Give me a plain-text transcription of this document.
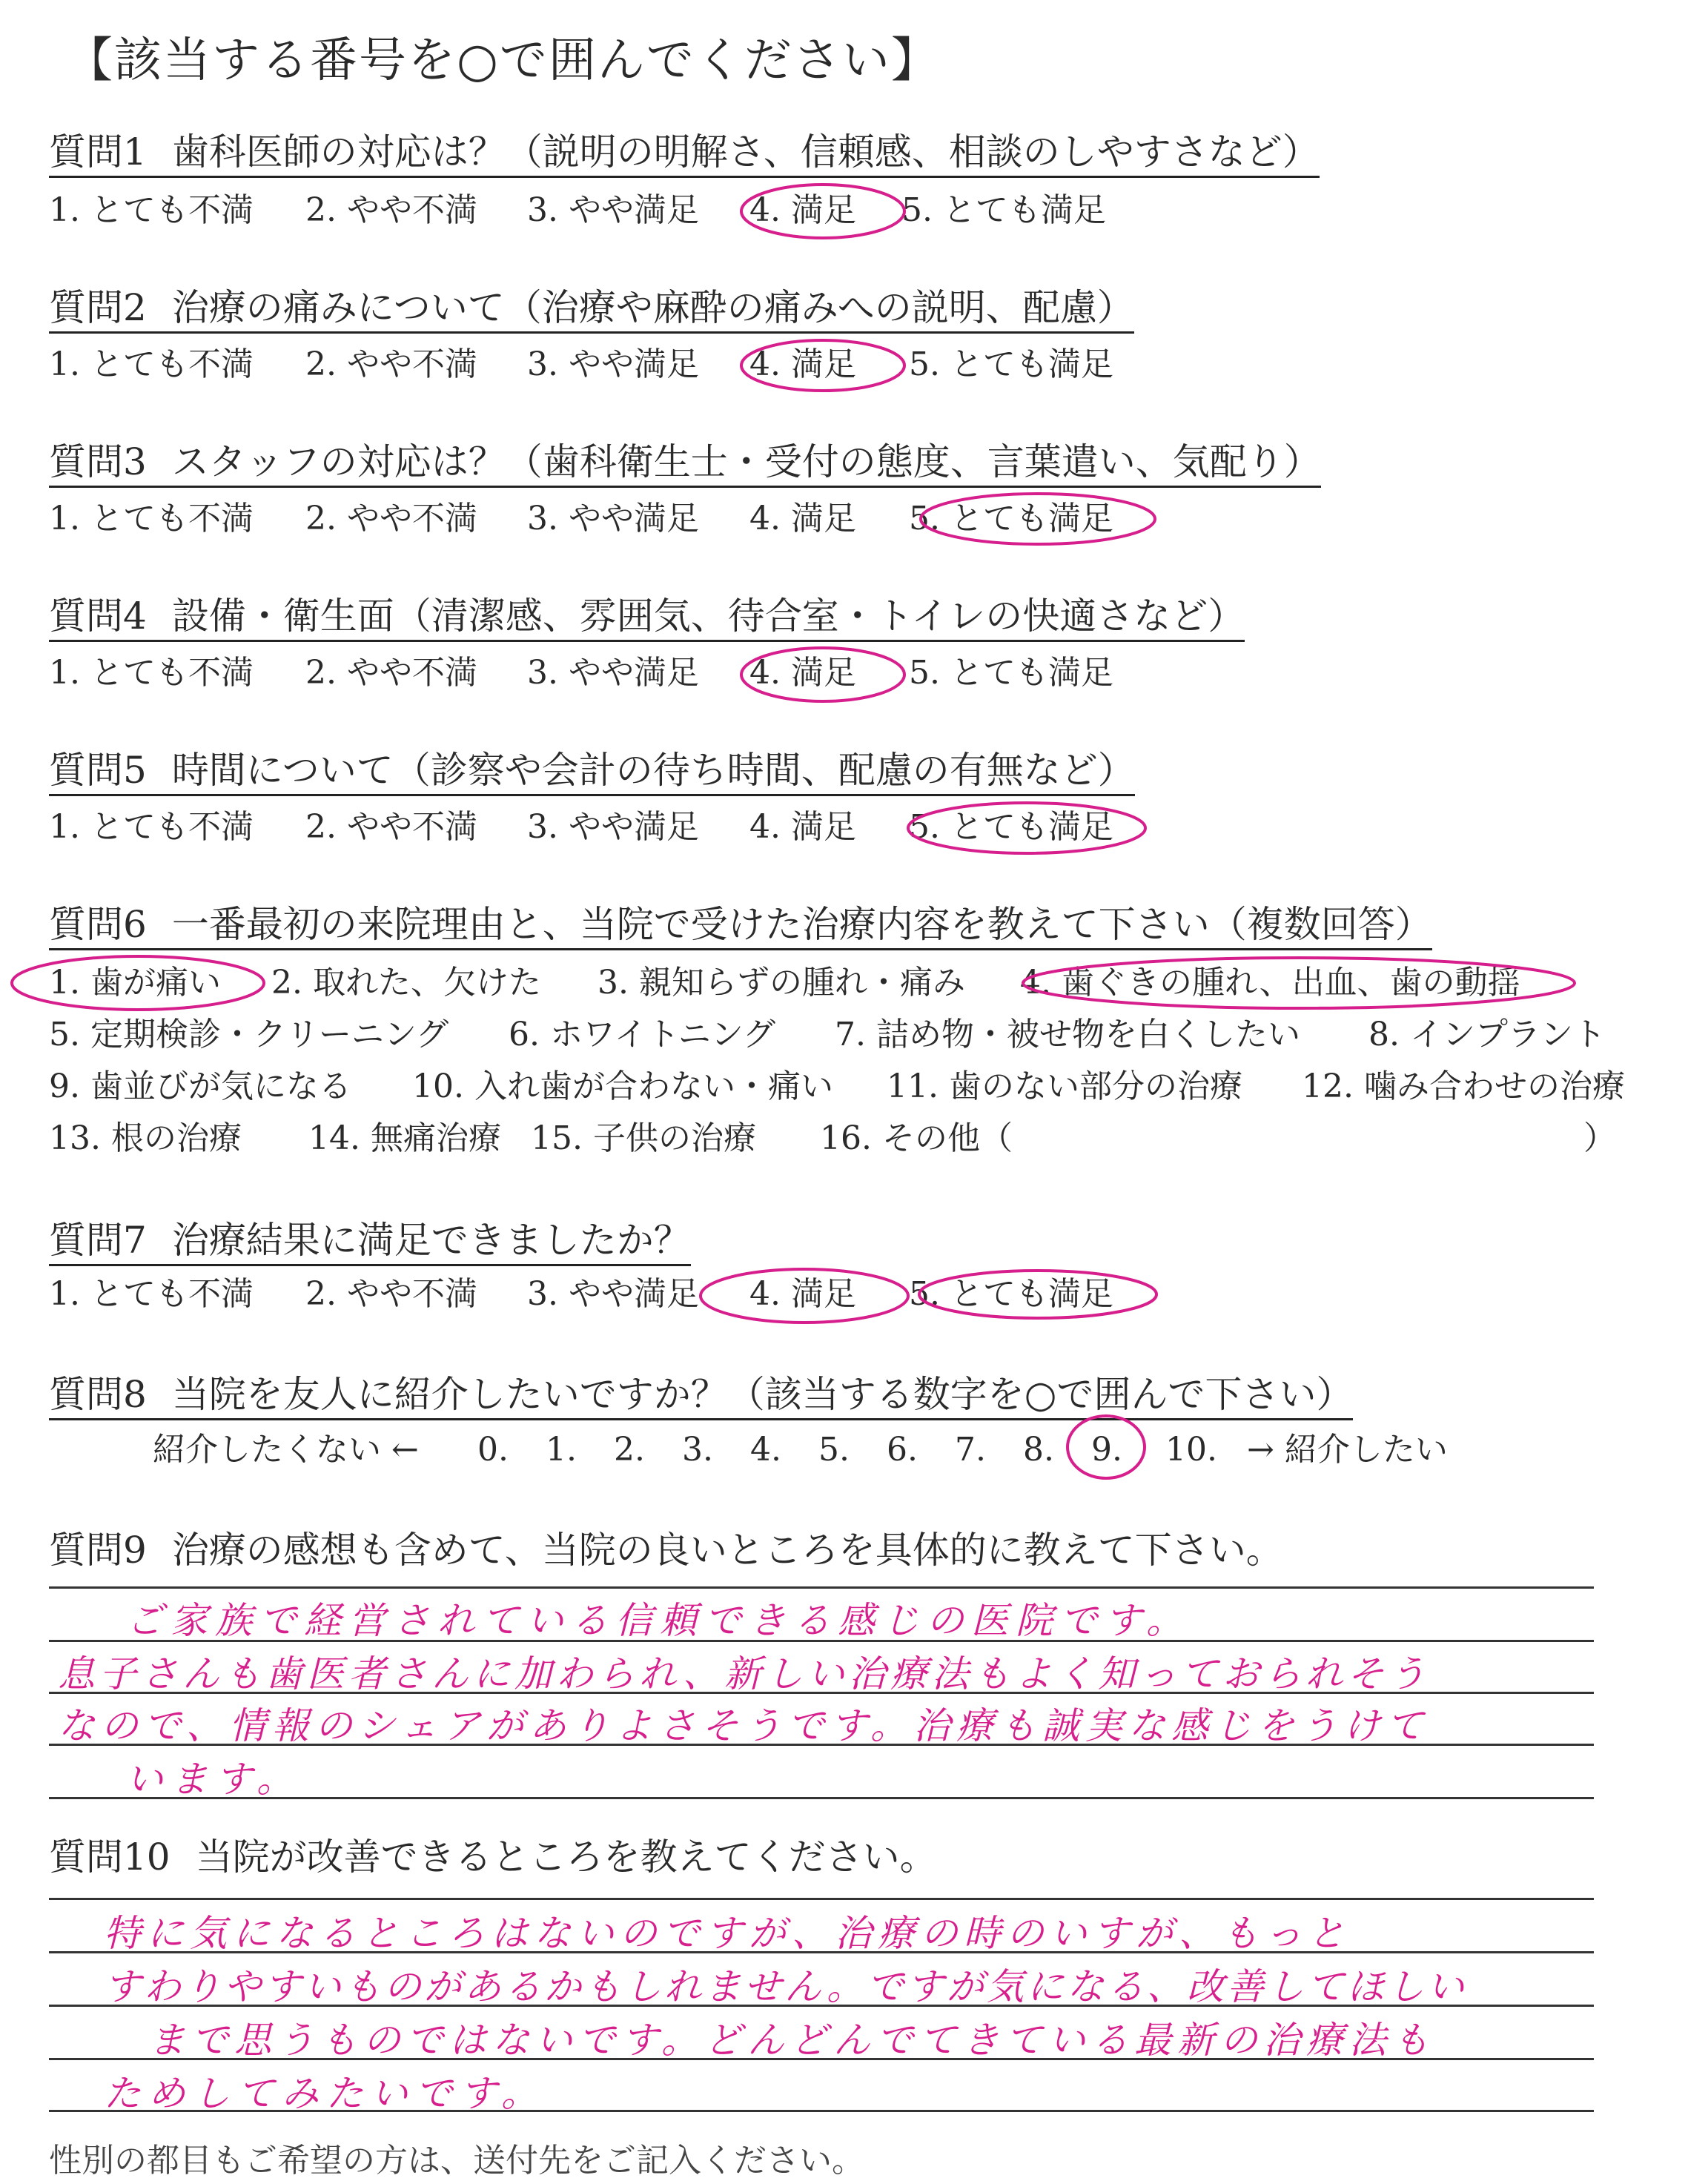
【該当する番号を○で囲んでください】
質問1 歯科医師の対応は？（説明の明解さ、信頼感、相談のしやすさなど）
1. とても不満 2. やや不満 3. やや満足 4. 満足 5. とても満足
質問2 治療の痛みについて（治療や麻酔の痛みへの説明、配慮）
1. とても不満 2. やや不満 3. やや満足 4. 満足 5. とても満足
質問3 スタッフの対応は？（歯科衛生士・受付の態度、言葉遣い、気配り）
1. とても不満 2. やや不満 3. やや満足 4. 満足 5. とても満足
質問4 設備・衛生面（清潔感、雰囲気、待合室・トイレの快適さなど）
1. とても不満 2. やや不満 3. やや満足 4. 満足 5. とても満足
質問5 時間について（診察や会計の待ち時間、配慮の有無など）
1. とても不満 2. やや不満 3. やや満足 4. 満足 5. とても満足
質問6 一番最初の来院理由と、当院で受けた治療内容を教えて下さい（複数回答）
1. 歯が痛い 2. 取れた、欠けた 3. 親知らずの腫れ・痛み 4. 歯ぐきの腫れ、出血、歯の動揺
5. 定期検診・クリーニング 6. ホワイトニング 7. 詰め物・被せ物を白くしたい 8. インプラント
9. 歯並びが気になる 10. 入れ歯が合わない・痛い 11. 歯のない部分の治療 12. 噛み合わせの治療
13. 根の治療 14. 無痛治療 15. 子供の治療 16. その他（	）
質問7 治療結果に満足できましたか？
1. とても不満 2. やや不満 3. やや満足 4. 満足 5. とても満足
質問8 当院を友人に紹介したいですか？（該当する数字を○で囲んで下さい）
紹介したくない ← 0. 1. 2. 3. 4. 5. 6. 7. 8. 9. 10. → 紹介したい
質問9 治療の感想も含めて、当院の良いところを具体的に教えて下さい。
ご家族で経営されている信頼できる感じの医院です。
息子さんも歯医者さんに加わられ、新しい治療法もよく知っておられそう
なので、情報のシェアがありよさそうです。治療も誠実な感じをうけて
います。
質問10 当院が改善できるところを教えてください。
特に気になるところはないのですが、治療の時のいすが、もっと
すわりやすいものがあるかもしれません。ですが気になる、改善してほしい
まで思うものではないです。どんどんでてきている最新の治療法も
ためしてみたいです。
性別の都目もご希望の方は、送付先をご記入ください。
